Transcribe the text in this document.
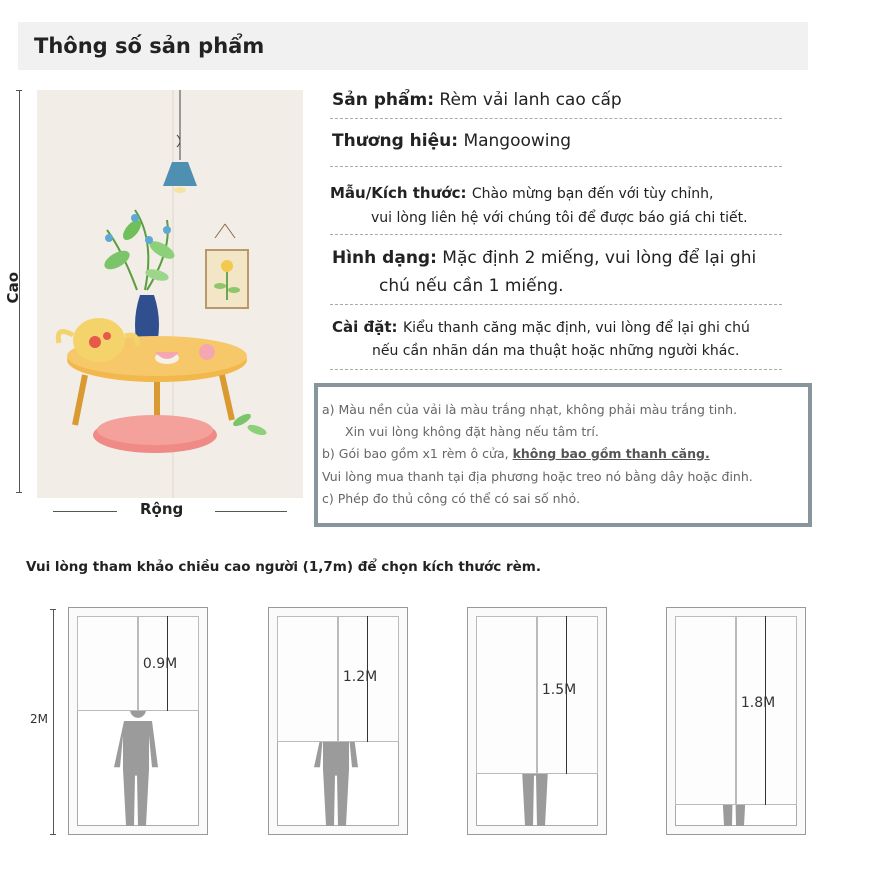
Thông số sản phẩm
Cao
Rộng
Sản phẩm: Rèm vải lanh cao cấp
Thương hiệu: Mangoowing
Mẫu/Kích thước: Chào mừng bạn đến với tùy chỉnh,
vui lòng liên hệ với chúng tôi để được báo giá chi tiết.
Hình dạng: Mặc định 2 miếng, vui lòng để lại ghi
chú nếu cần 1 miếng.
Cài đặt: Kiểu thanh căng mặc định, vui lòng để lại ghi chú
nếu cần nhãn dán ma thuật hoặc những người khác.
a) Màu nền của vải là màu trắng nhạt, không phải màu trắng tinh.
Xin vui lòng không đặt hàng nếu tâm trí.
b) Gói bao gồm x1 rèm ô cửa, không bao gồm thanh căng.
Vui lòng mua thanh tại địa phương hoặc treo nó bằng dây hoặc đinh.
c) Phép đo thủ công có thể có sai số nhỏ.
Vui lòng tham khảo chiều cao người (1,7m) để chọn kích thước rèm.
2M
0.9M
1.2M
1.5M
1.8M
